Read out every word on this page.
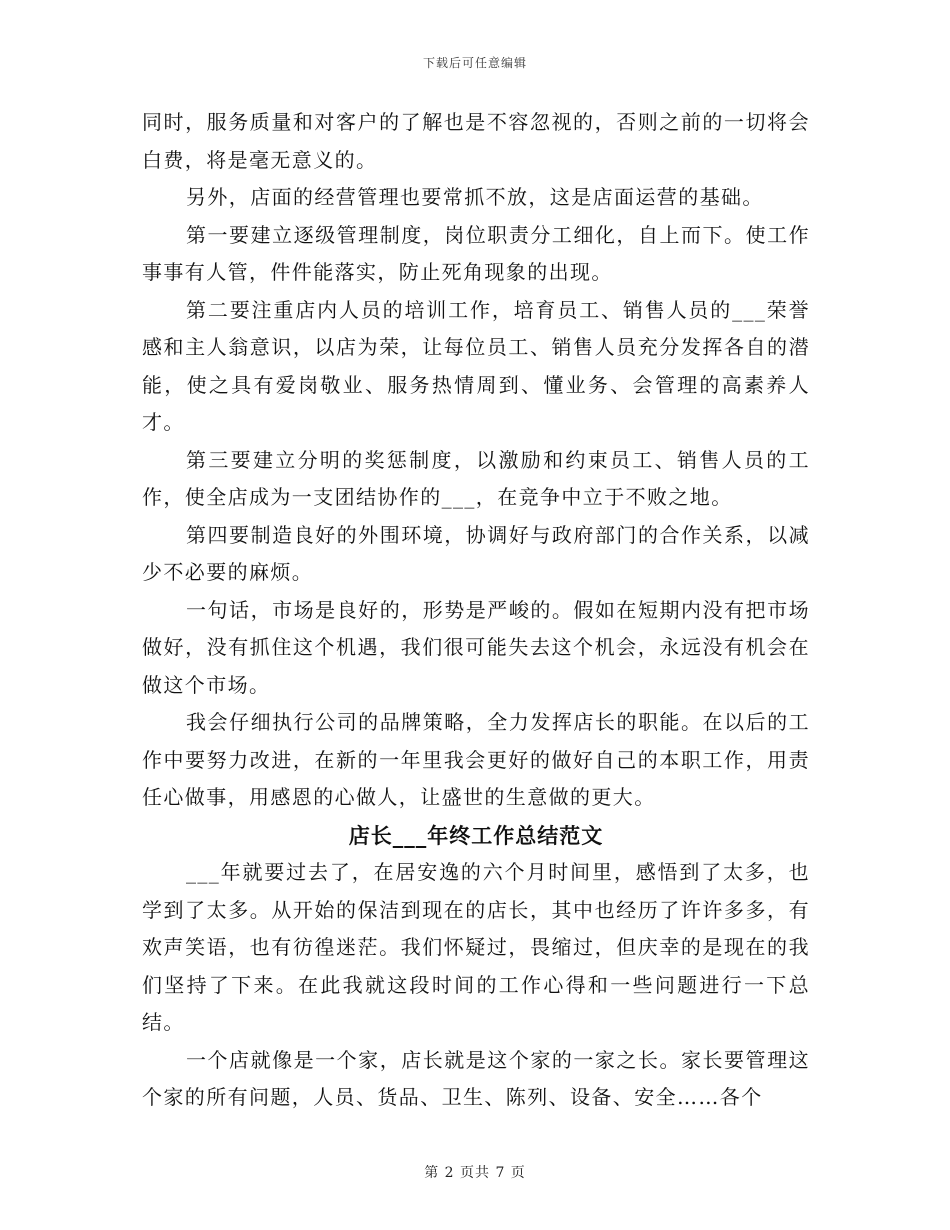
下载后可任意编辑

同时，服务质量和对客户的了解也是不容忽视的，否则之前的一切将会白费，将是毫无意义的。

另外，店面的经营管理也要常抓不放，这是店面运营的基础。

第一要建立逐级管理制度，岗位职责分工细化，自上而下。使工作事事有人管，件件能落实，防止死角现象的出现。

第二要注重店内人员的培训工作，培育员工、销售人员的___荣誉感和主人翁意识，以店为荣，让每位员工、销售人员充分发挥各自的潜能，使之具有爱岗敬业、服务热情周到、懂业务、会管理的高素养人才。

第三要建立分明的奖惩制度，以激励和约束员工、销售人员的工作，使全店成为一支团结协作的___，在竞争中立于不败之地。

第四要制造良好的外围环境，协调好与政府部门的合作关系，以减少不必要的麻烦。

一句话，市场是良好的，形势是严峻的。假如在短期内没有把市场做好，没有抓住这个机遇，我们很可能失去这个机会，永远没有机会在做这个市场。

我会仔细执行公司的品牌策略，全力发挥店长的职能。在以后的工作中要努力改进，在新的一年里我会更好的做好自己的本职工作，用责任心做事，用感恩的心做人，让盛世的生意做的更大。

店长___年终工作总结范文

___年就要过去了，在居安逸的六个月时间里，感悟到了太多，也学到了太多。从开始的保洁到现在的店长，其中也经历了许许多多，有欢声笑语，也有彷徨迷茫。我们怀疑过，畏缩过，但庆幸的是现在的我们坚持了下来。在此我就这段时间的工作心得和一些问题进行一下总结。

一个店就像是一个家，店长就是这个家的一家之长。家长要管理这个家的所有问题，人员、货品、卫生、陈列、设备、安全……各个

第 2 页共 7 页
